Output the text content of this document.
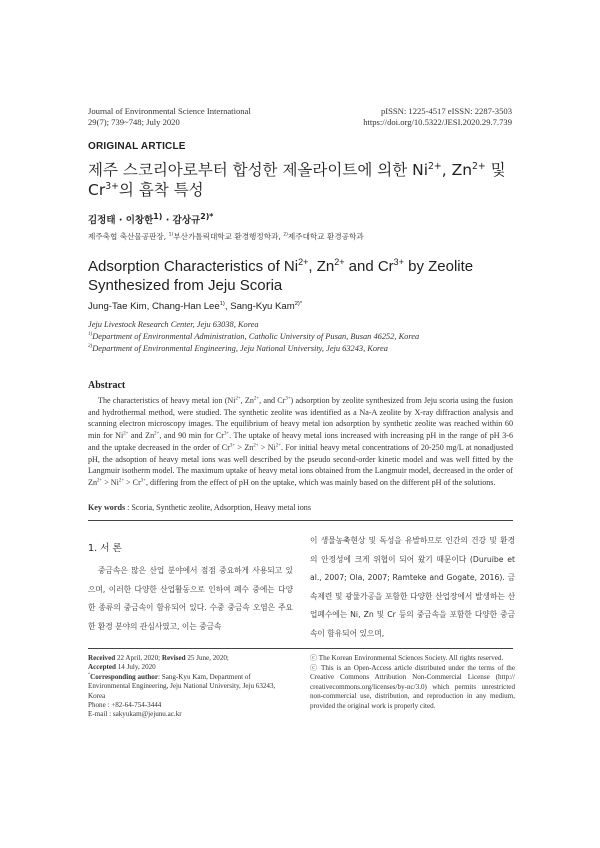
Journal of Environmental Science International
29(7); 739~748; July 2020
pISSN: 1225-4517 eISSN: 2287-3503
https://doi.org/10.5322/JESI.2020.29.7.739
ORIGINAL ARTICLE
제주 스코리아로부터 합성한 제올라이트에 의한 $Ni^{2+}$, $Zn^{2+}$ 및
$Cr^{3+}$의 흡착 특성
김정태 · 이창한$^{1)}$ · 감상규$^{2)*}$
제주축협 축산물공판장, $^{1)}$부산가톨릭대학교 환경행정학과, $^{2)}$제주대학교 환경공학과
Adsorption Characteristics of $Ni^{2+}$, $Zn^{2+}$ and $Cr^{3+}$ by Zeolite
Synthesized from Jeju Scoria
Jung-Tae Kim, Chang-Han Lee$^{1)}$, Sang-Kyu Kam$^{2)*}$
Jeju Livestock Research Center, Jeju 63038, Korea
$^{1)}$Department of Environmental Administration, Catholic University of Pusan, Busan 46252, Korea
$^{2)}$Department of Environmental Engineering, Jeju National University, Jeju 63243, Korea
Abstract
The characteristics of heavy metal ion ($Ni^{2+}$, $Zn^{2+}$, and $Cr^{3+}$) adsorption by zeolite synthesized from Jeju scoria using the fusion and hydrothermal method, were studied. The synthetic zeolite was identified as a Na-A zeolite by X-ray diffraction analysis and scanning electron microscopy images. The equilibrium of heavy metal ion adsorption by synthetic zeolite was reached within 60 min for $Ni^{2+}$ and $Zn^{2+}$, and 90 min for $Cr^{3+}$. The uptake of heavy metal ions increased with increasing pH in the range of pH 3-6 and the uptake decreased in the order of $Cr^{3+} > Zn^{2+} > Ni^{2+}$. For initial heavy metal concentrations of 20-250 mg/L at nonadjusted pH, the adsoption of heavy metal ions was well described by the pseudo second-order kinetic model and was well fitted by the Langmuir isotherm model. The maximum uptake of heavy metal ions obtained from the Langmuir model, decreased in the order of $Zn^{2+} > Ni^{2+} > Cr^{3+}$, differing from the effect of pH on the uptake, which was mainly based on the different pH of the solutions.
Key words : Scoria, Synthetic zeolite, Adsorption, Heavy metal ions
1. 서 론
중금속은 많은 산업 분야에서 점점 중요하게 사용되고 있으며, 이러한 다양한 산업활동으로 인하여 폐수 중에는 다양한 종류의 중금속이 함유되어 있다. 수중 중금속 오염은 주요한 환경 분야의 관심사였고, 이는 중금속
이 생물농축현상 및 독성을 유발하므로 인간의 건강 및 환경의 안정성에 크게 위협이 되어 왔기 때문이다 (Duruibe et al., 2007; Ola, 2007; Ramteke and Gogate, 2016). 금속제련 및 광물가공을 포함한 다양한 산업장에서 발생하는 산업폐수에는 Ni, Zn 및 Cr 등의 중금속을 포함한 다양한 중금속이 함유되어 있으며,
Received 22 April, 2020; Revised 25 June, 2020;
Accepted 14 July, 2020
*Corresponding author: Sang-Kyu Kam, Department of Environmental Engineering, Jeju National University, Jeju 63243, Korea
Phone : +82-64-754-3444
E-mail : sakyukam@jejunu.ac.kr
ⓒ The Korean Environmental Sciences Society. All rights reserved.
ⓒ This is an Open-Access article distributed under the terms of the Creative Commons Attribution Non-Commercial License (http:// creativecommons.org/licenses/by-nc/3.0) which permits unrestricted non-commercial use, distribution, and reproduction in any medium, provided the original work is properly cited.
